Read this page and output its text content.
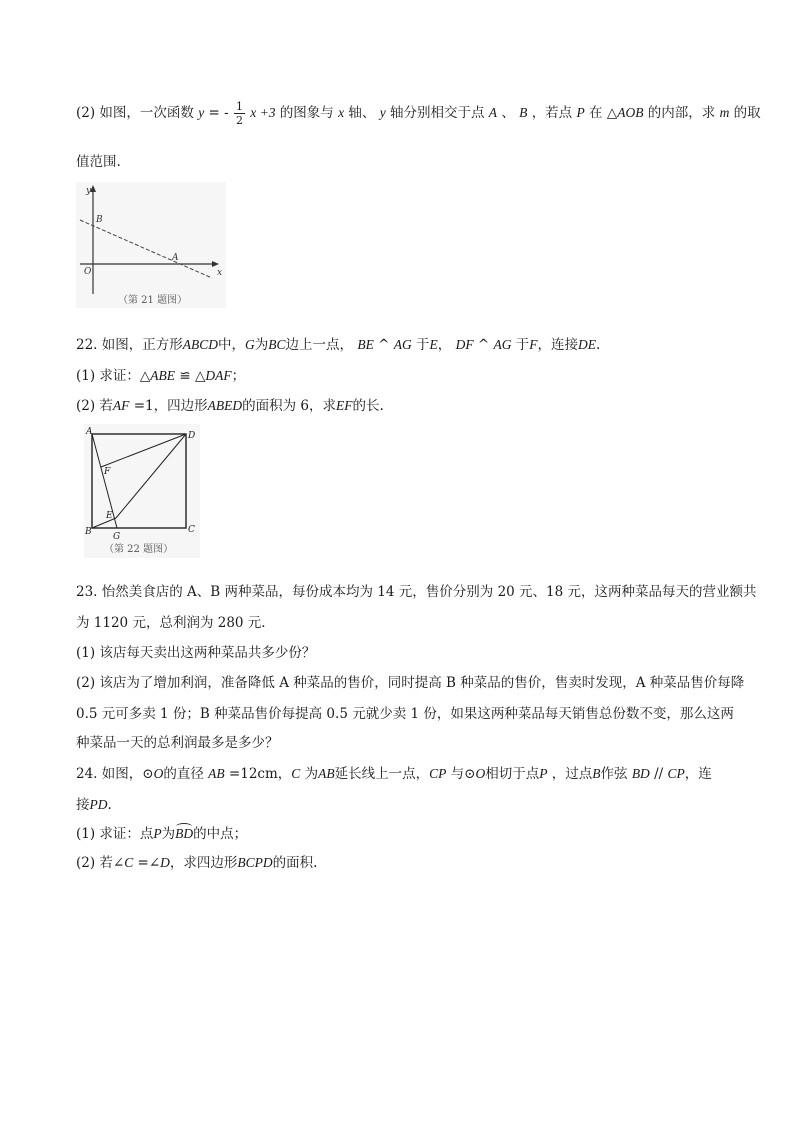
(2) 如图，一次函数 y = - $\frac{1}{2}$ x +3 的图象与 x 轴、 y 轴分别相交于点 A 、 B ，若点 P 在 △AOB 的内部，求 m 的取
值范围.
y
x
B
O
A
（第 21 题图）
22. 如图，正方形ABCD中，G为BC边上一点， BE ^ AG 于E， DF ^ AG 于F，连接DE.
(1) 求证：△ABE ≌ △DAF；
(2) 若AF =1，四边形ABED的面积为 6，求EF的长.
A	D
F
E
B G
C
（第 22 题图）
23. 怡然美食店的 A、B 两种菜品，每份成本均为 14 元，售价分别为 20 元、18 元，这两种菜品每天的营业额共
为 1120 元，总利润为 280 元.
(1) 该店每天卖出这两种菜品共多少份？
(2) 该店为了增加利润，准备降低 A 种菜品的售价，同时提高 B 种菜品的售价，售卖时发现，A 种菜品售价每降
0.5 元可多卖 1 份；B 种菜品售价每提高 0.5 元就少卖 1 份，如果这两种菜品每天销售总份数不变，那么这两
种菜品一天的总利润最多是多少？
24. 如图，⊙O的直径 AB =12cm，C 为AB延长线上一点，CP 与⊙O相切于点P ，过点B作弦 BD // CP，连
接PD.
(1) 求证：点P为BD的中点；
(2) 若∠C =∠D，求四边形BCPD的面积.
